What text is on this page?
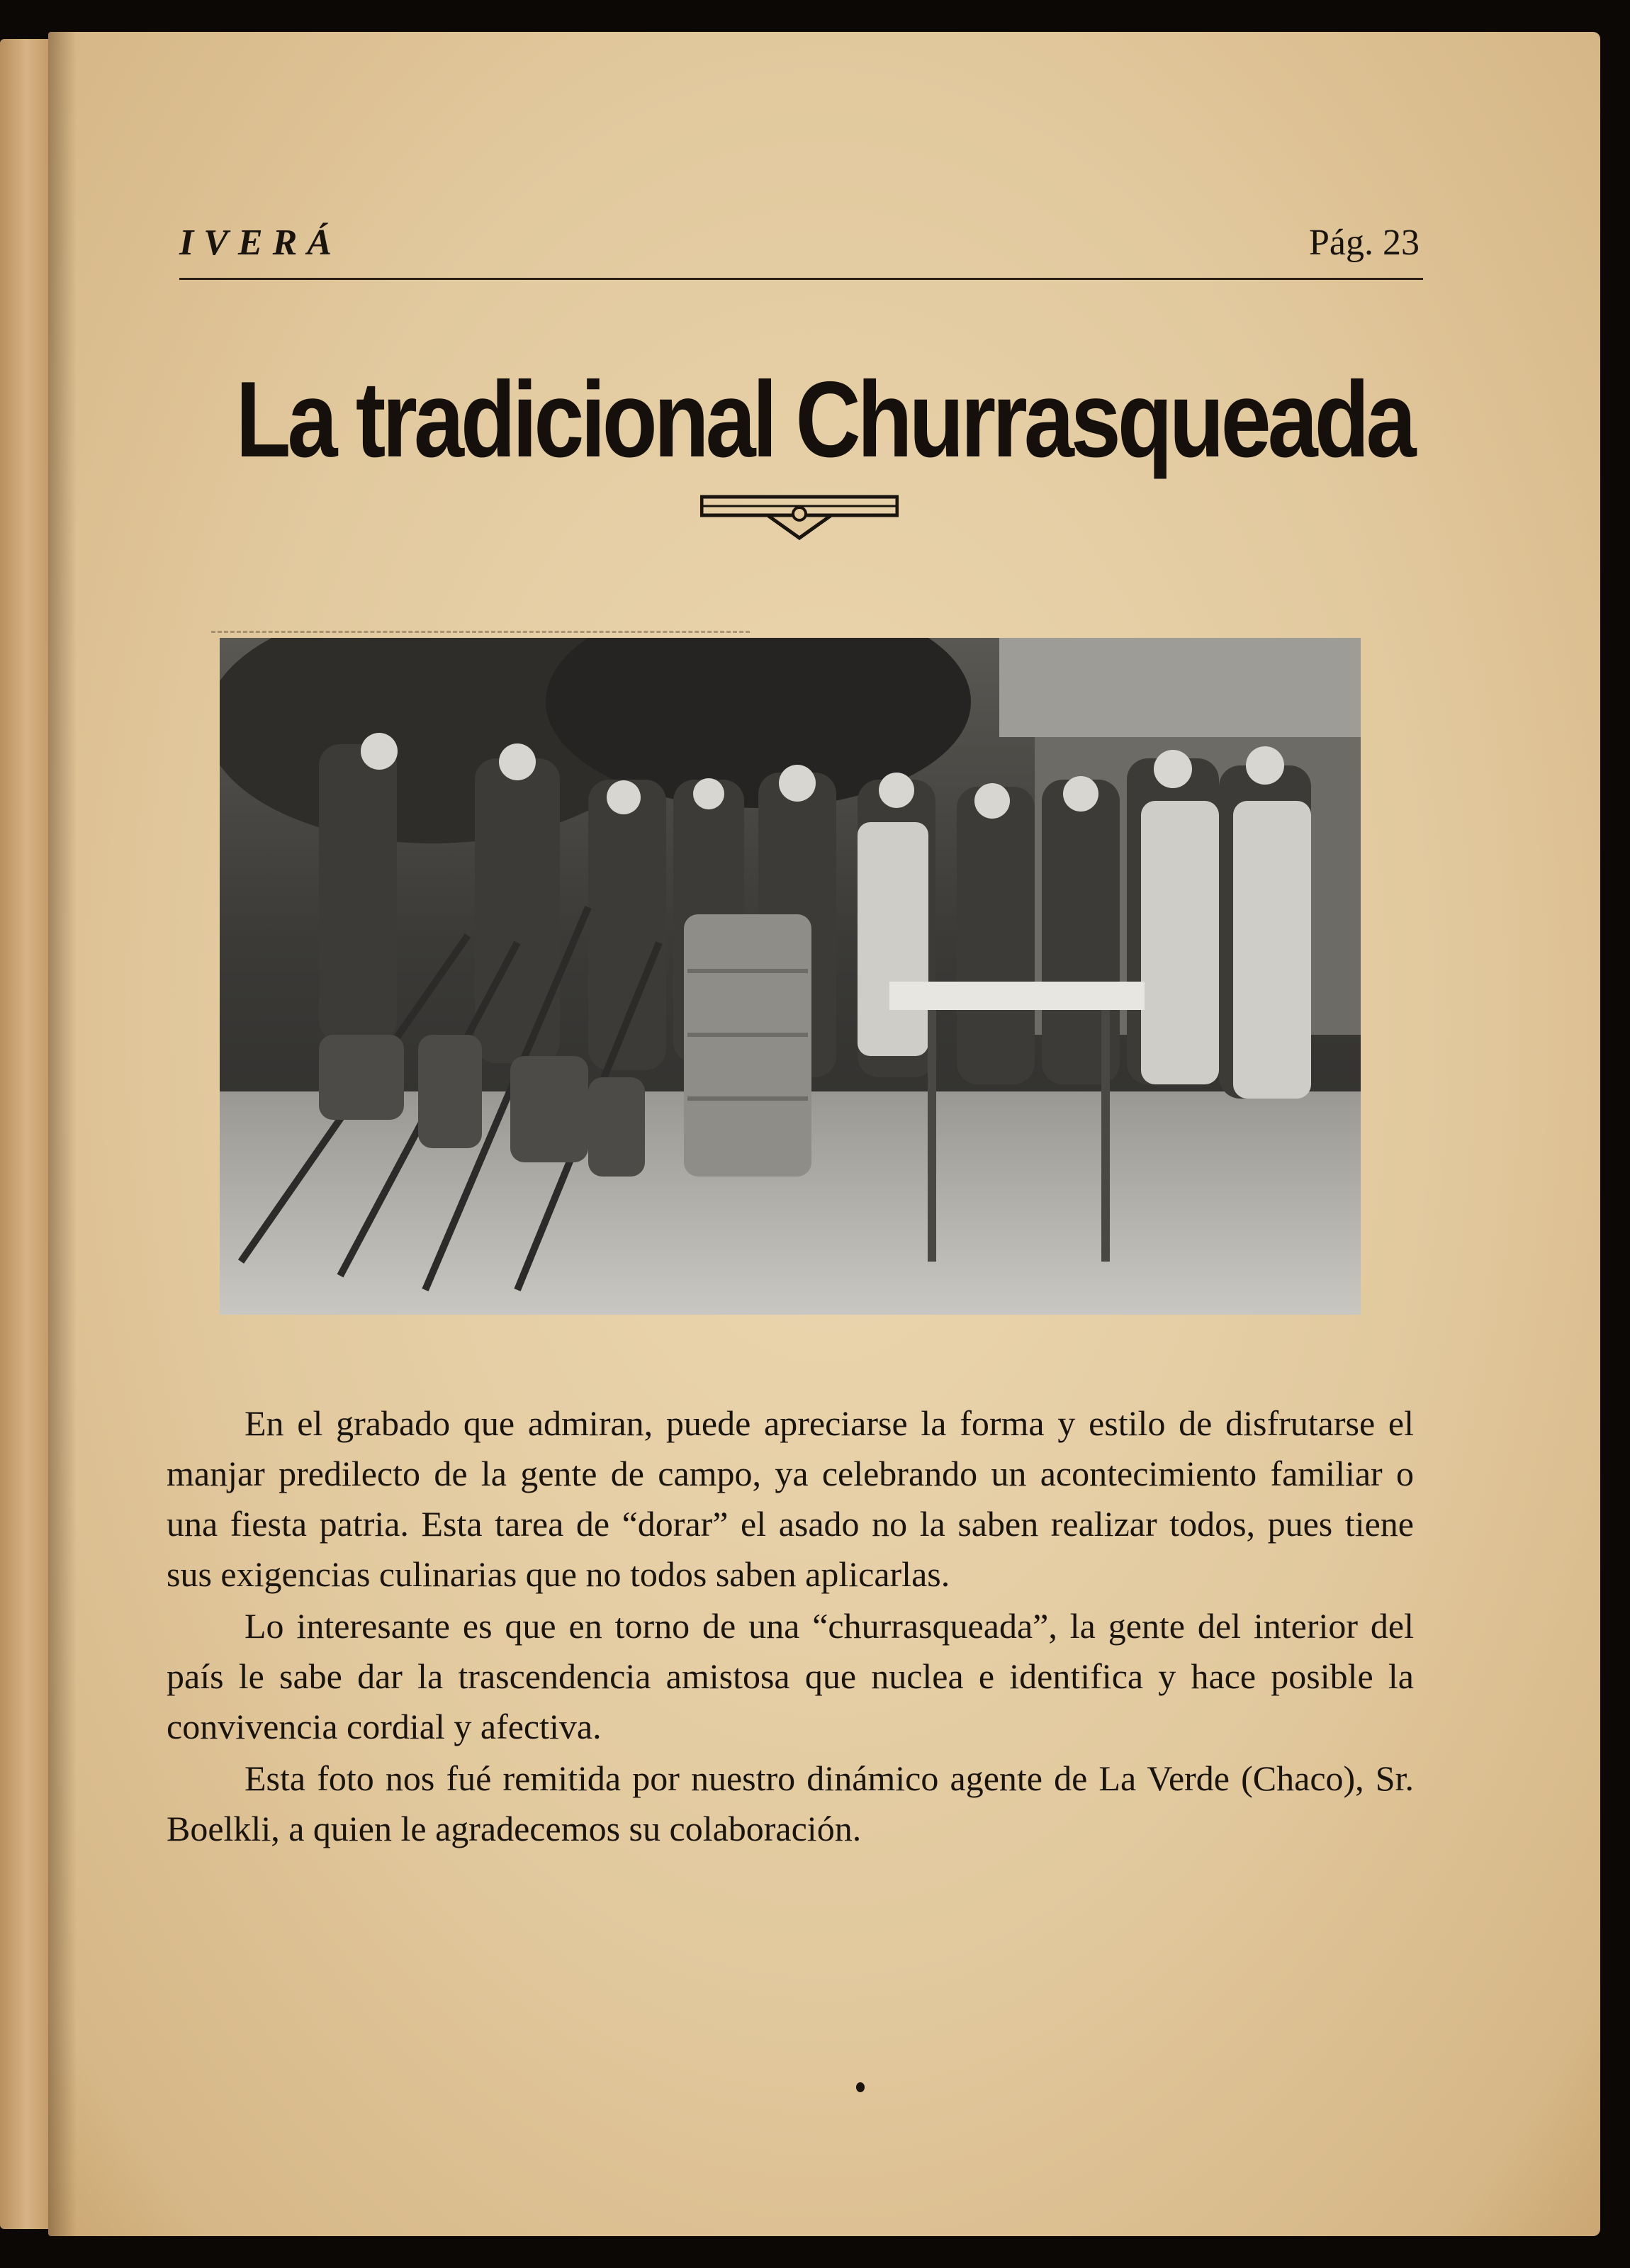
IVERÁ	Pág. 23
La tradicional Churrasqueada

En el grabado que admiran, puede apreciarse la forma y estilo de disfrutarse el manjar predilecto de la gente de campo, ya celebrando un acontecimiento familiar o una fiesta patria. Esta tarea de “dorar” el asado no la saben realizar todos, pues tiene sus exigencias culinarias que no todos saben aplicarlas.

Lo interesante es que en torno de una “churrasqueada”, la gente del interior del país le sabe dar la trascendencia amistosa que nuclea e identifica y hace posible la convivencia cordial y afectiva.

Esta foto nos fué remitida por nuestro dinámico agente de La Verde (Chaco), Sr. Boelkli, a quien le agradecemos su colaboración.
